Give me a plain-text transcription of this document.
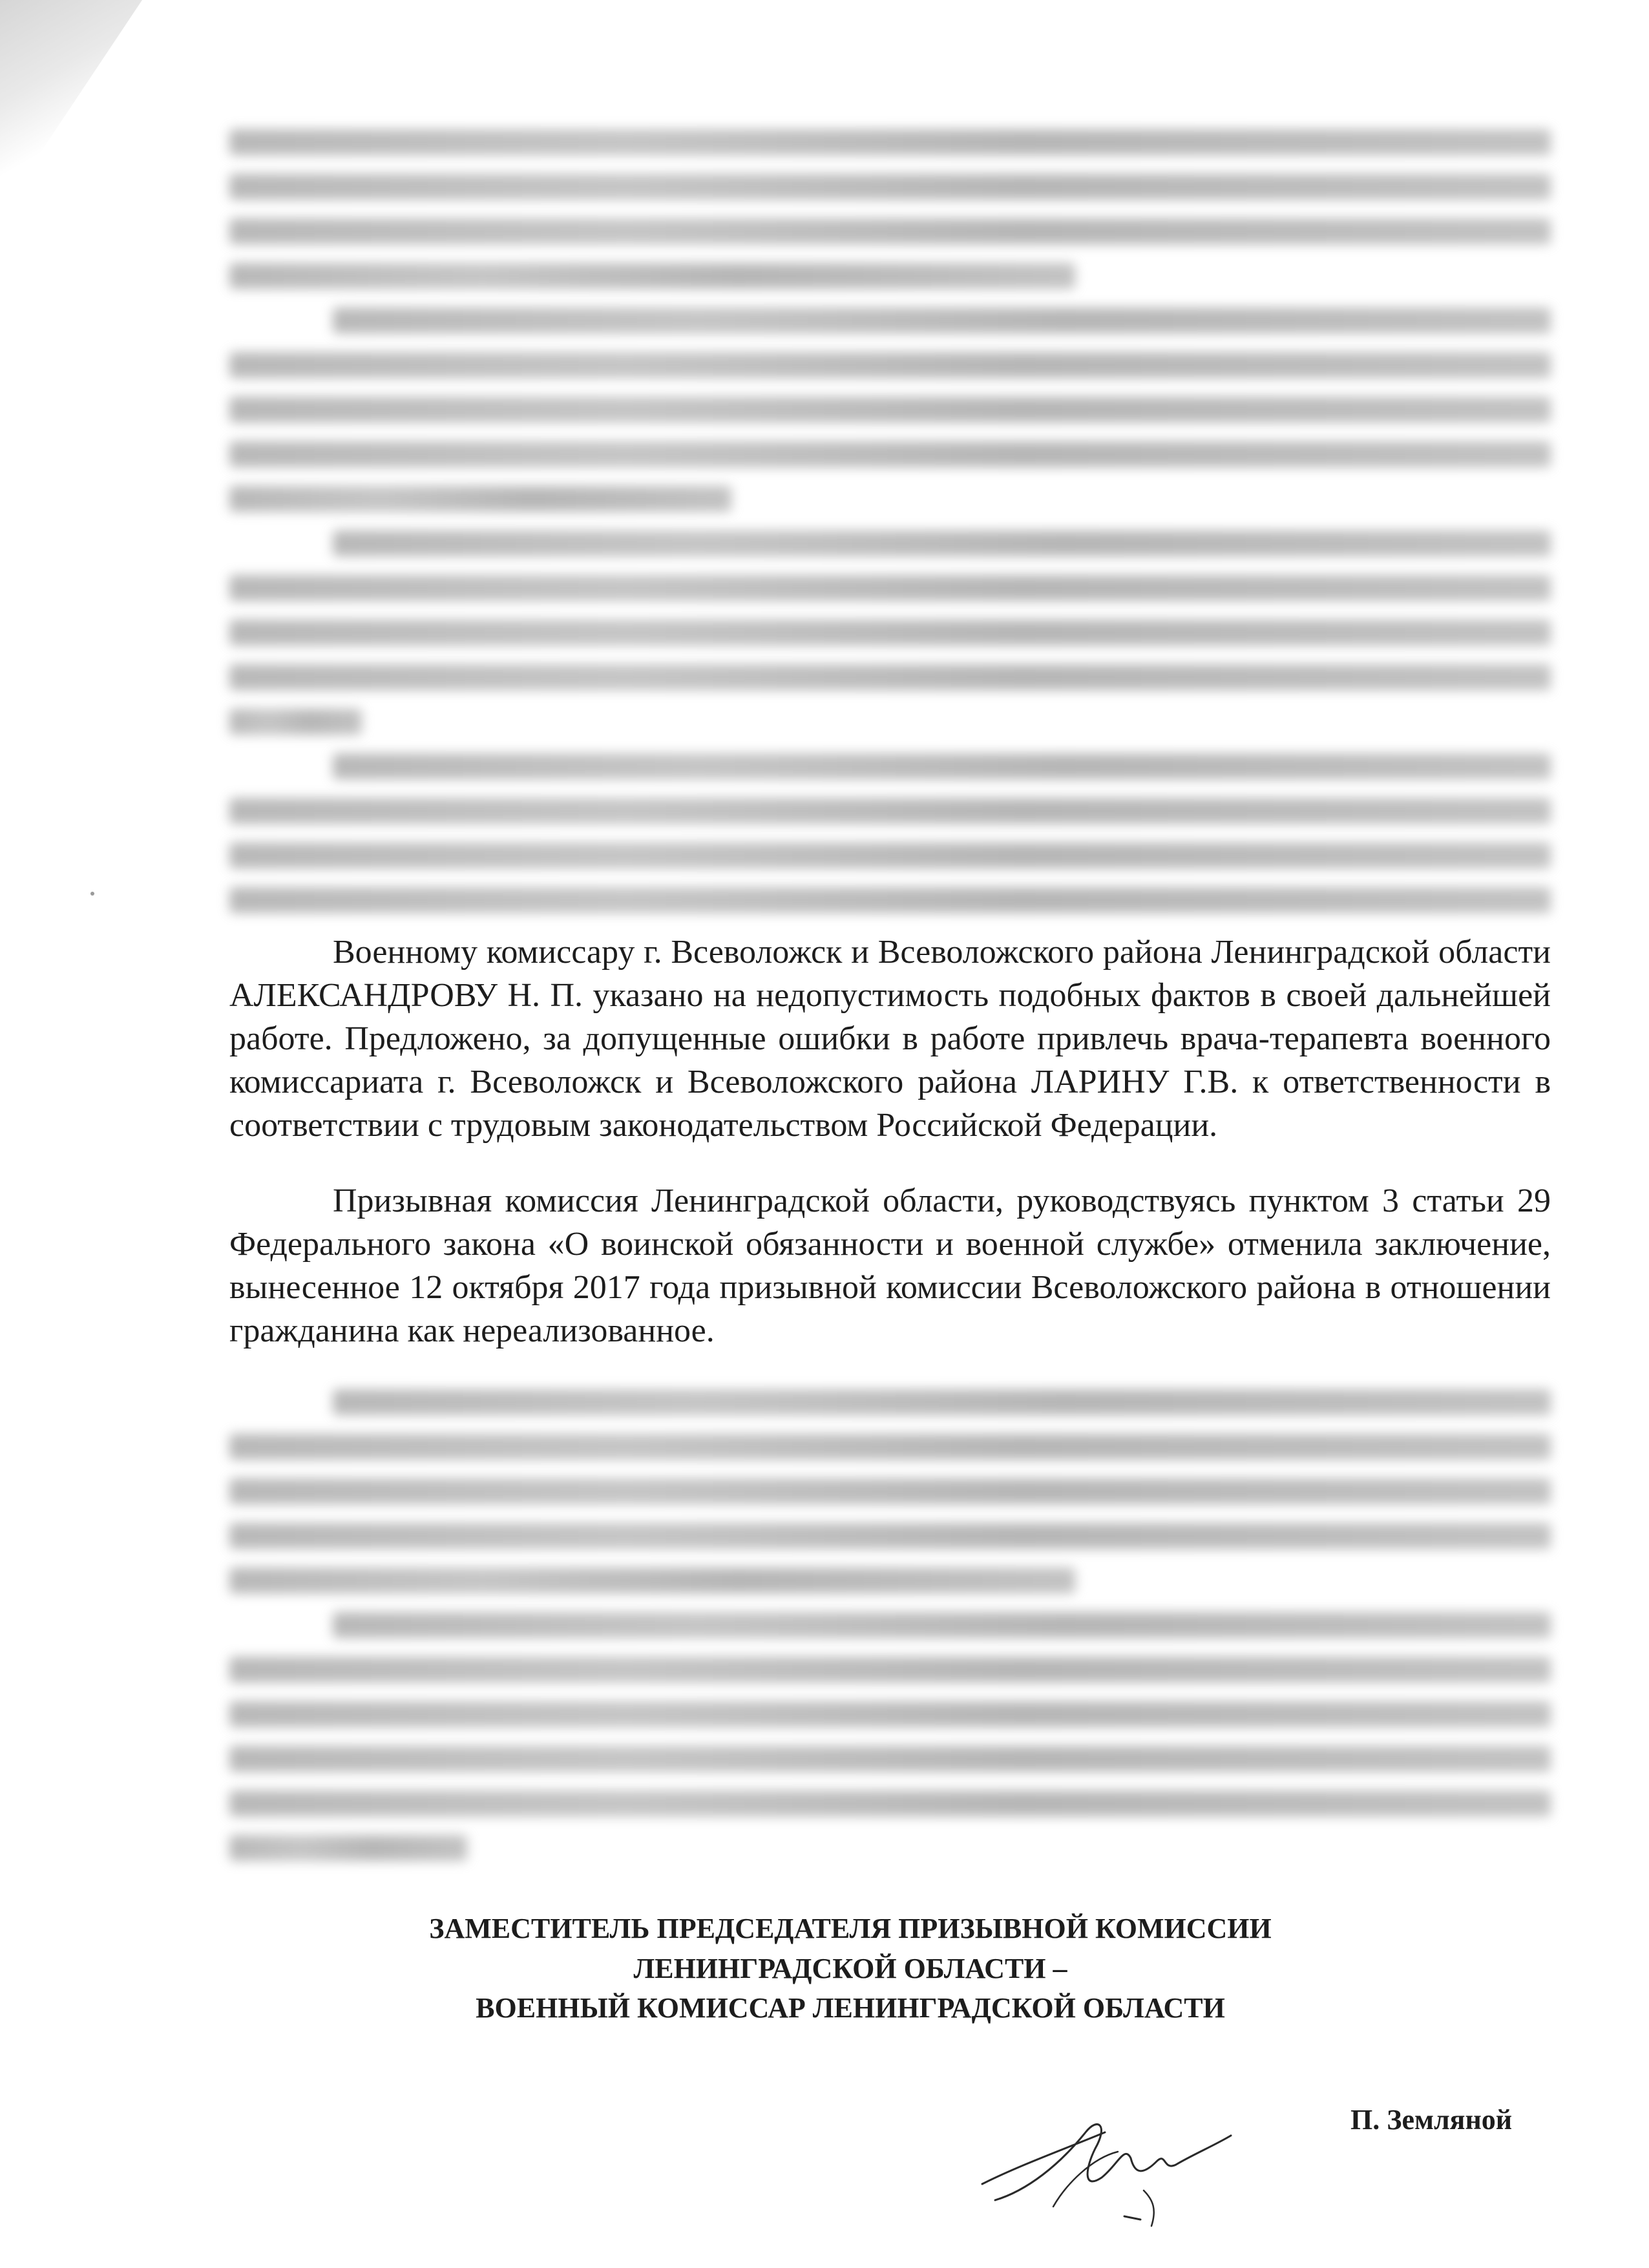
Военному комиссару г. Всеволожск и Всеволожского района Ленинградской области АЛЕКСАНДРОВУ Н. П. указано на недопустимость подобных фактов в своей дальнейшей работе. Предложено, за допущенные ошибки в работе привлечь врача-терапевта военного комиссариата г. Всеволожск и Всеволожского района ЛАРИНУ Г.В. к ответственности в соответствии с трудовым законодательством Российской Федерации.

Призывная комиссия Ленинградской области, руководствуясь пунктом 3 статьи 29 Федерального закона «О воинской обязанности и военной службе» отменила заключение, вынесенное 12 октября 2017 года призывной комиссии Всеволожского района в отношении гражданина как нереализованное.

ЗАМЕСТИТЕЛЬ ПРЕДСЕДАТЕЛЯ ПРИЗЫВНОЙ КОМИССИИ

ЛЕНИНГРАДСКОЙ ОБЛАСТИ –

ВОЕННЫЙ КОМИССАР ЛЕНИНГРАДСКОЙ ОБЛАСТИ

П. Земляной
